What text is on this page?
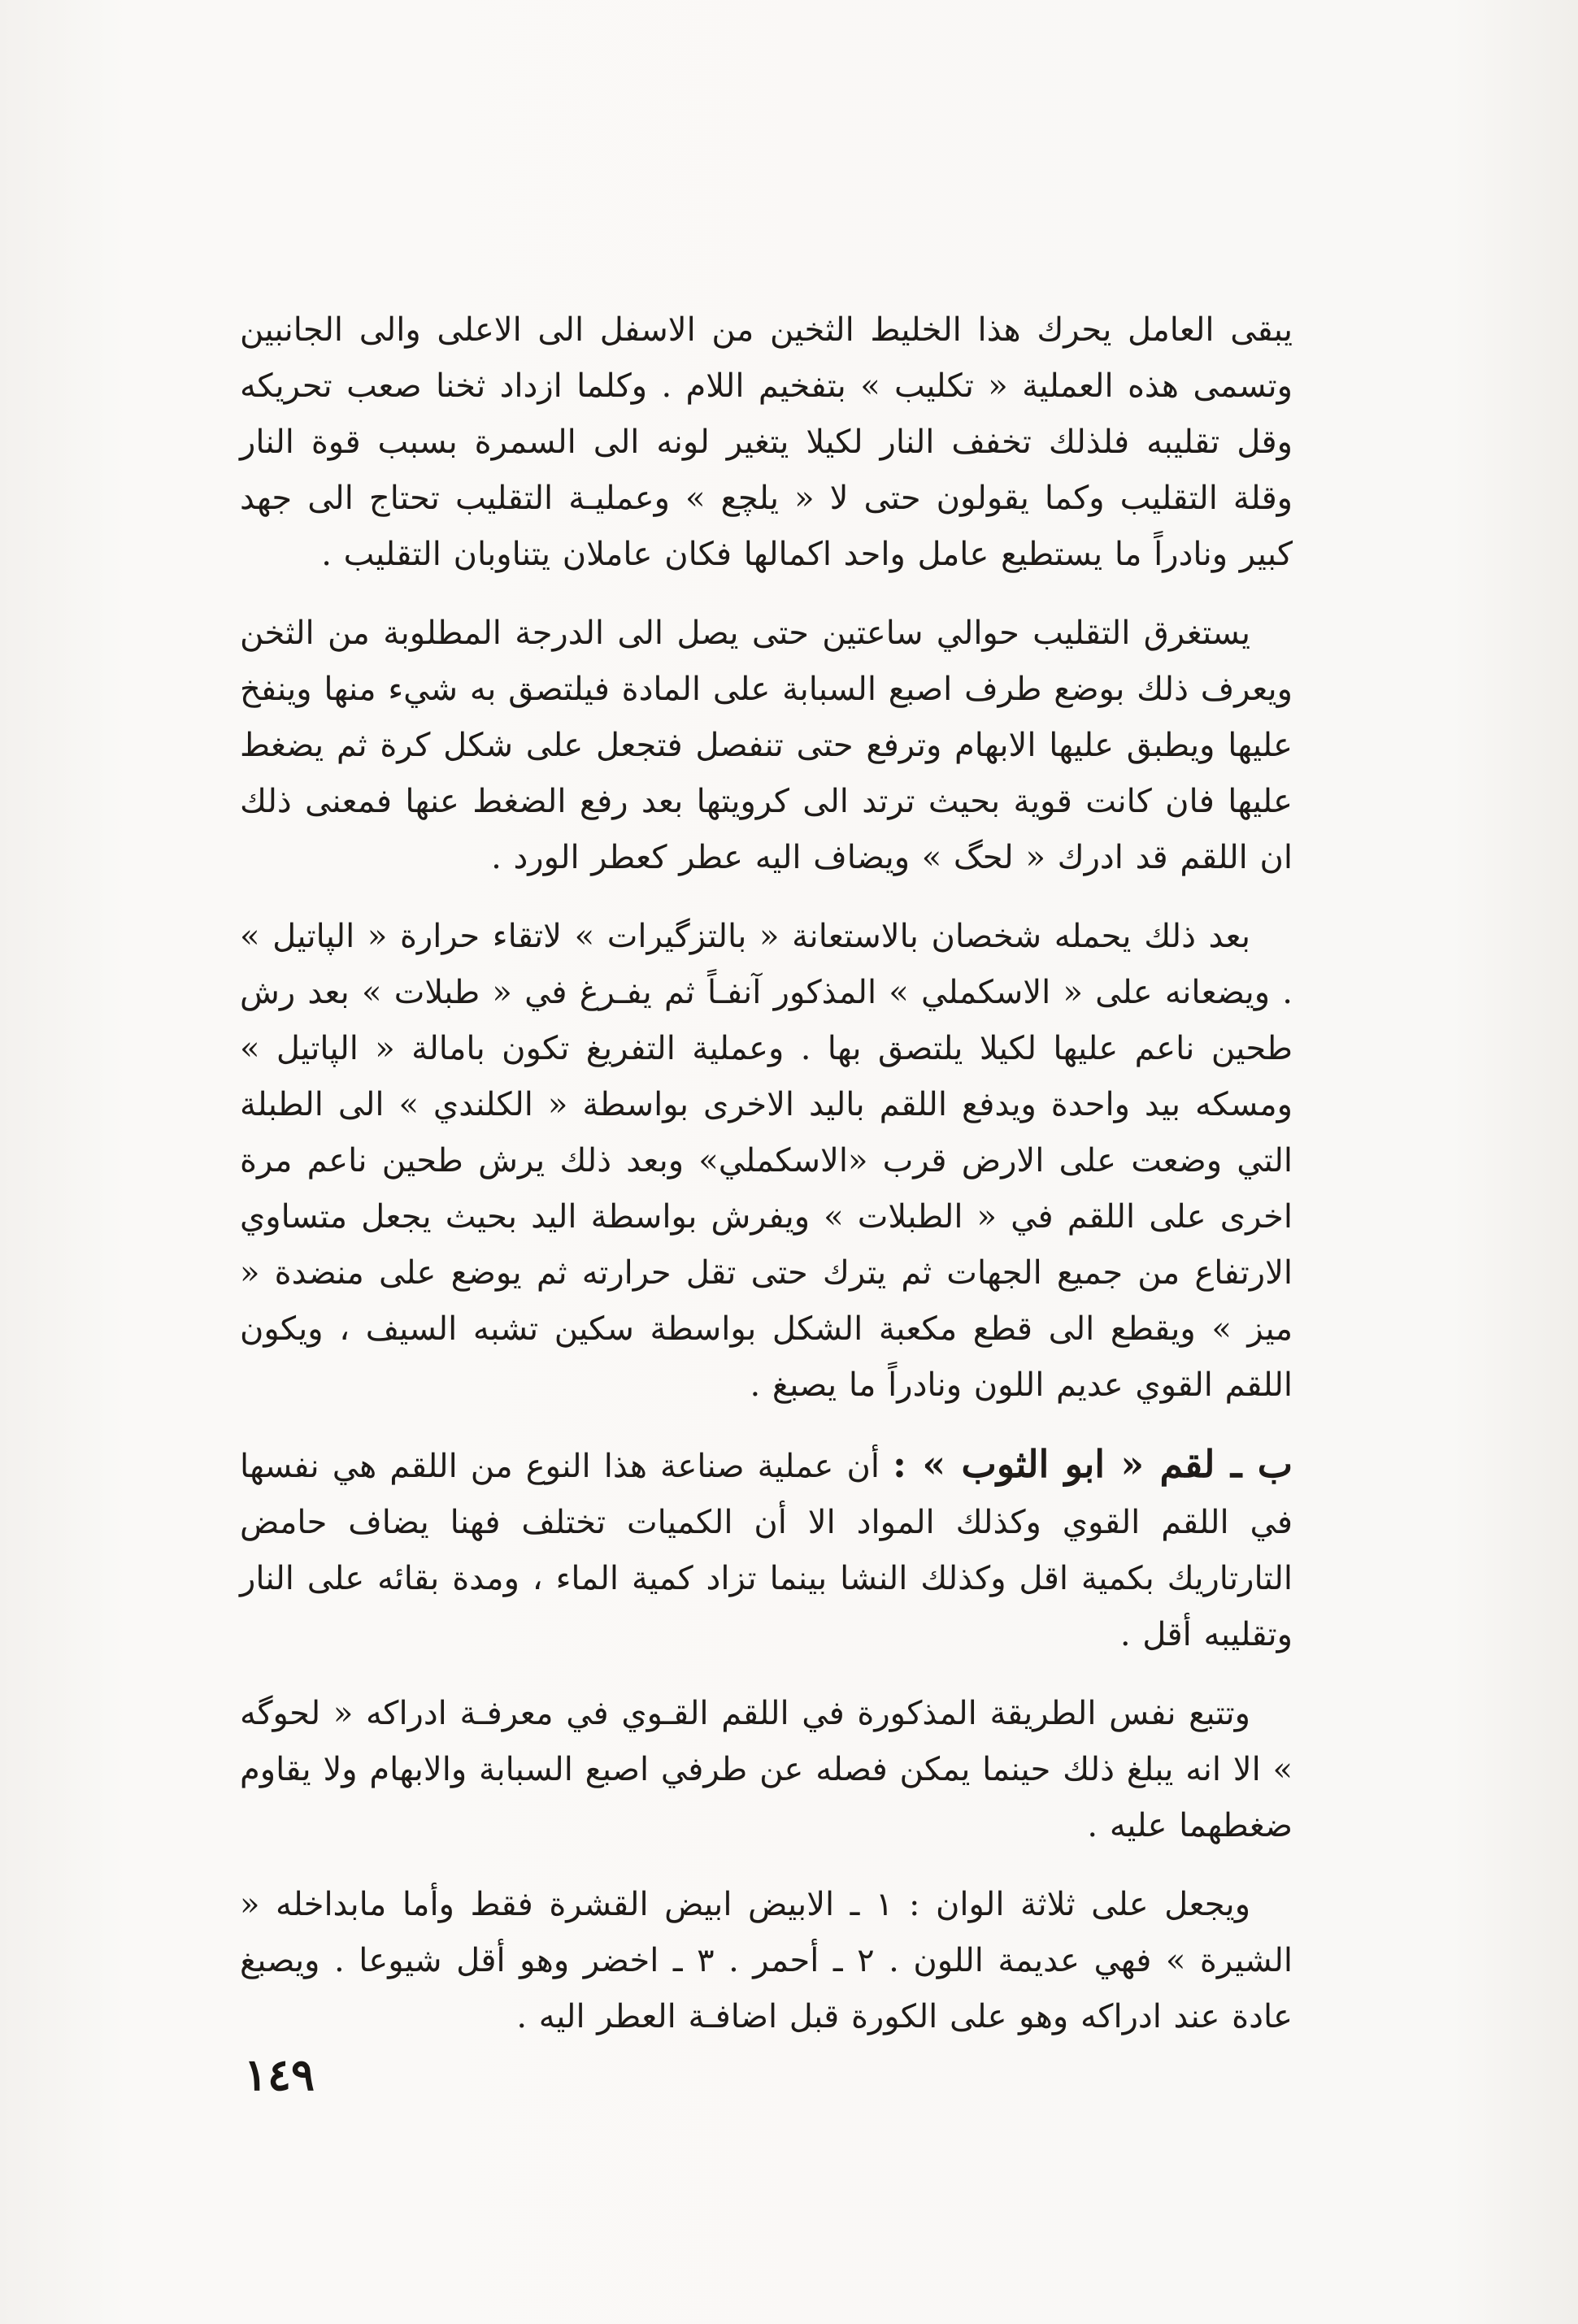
يبقى العامل يحرك هذا الخليط الثخين من الاسفل الى الاعلى والى الجانبين وتسمى هذه العملية « تكليب » بتفخيم اللام . وكلما ازداد ثخنا صعب تحريكه وقل تقليبه فلذلك تخفف النار لكيلا يتغير لونه الى السمرة بسبب قوة النار وقلة التقليب وكما يقولون حتى لا « يلچع » وعمليـة التقليب تحتاج الى جهد كبير ونادراً ما يستطيع عامل واحد اكمالها فكان عاملان يتناوبان التقليب .

يستغرق التقليب حوالي ساعتين حتى يصل الى الدرجة المطلوبة من الثخن ويعرف ذلك بوضع طرف اصبع السبابة على المادة فيلتصق به شيء منها وينفخ عليها ويطبق عليها الابهام وترفع حتى تنفصل فتجعل على شكل كرة ثم يضغط عليها فان كانت قوية بحيث ترتد الى كرويتها بعد رفع الضغط عنها فمعنى ذلك ان اللقم قد ادرك « لحگ » ويضاف اليه عطر كعطر الورد .

بعد ذلك يحمله شخصان بالاستعانة « بالتزگيرات » لاتقاء حرارة « الپاتيل » . ويضعانه على « الاسكملي » المذكور آنفـاً ثم يفـرغ في « طبلات » بعد رش طحين ناعم عليها لكيلا يلتصق بها . وعملية التفريغ تكون بامالة « الپاتيل » ومسكه بيد واحدة ويدفع اللقم باليد الاخرى بواسطة « الكلندي » الى الطبلة التي وضعت على الارض قرب «الاسكملي» وبعد ذلك يرش طحين ناعم مرة اخرى على اللقم في « الطبلات » ويفرش بواسطة اليد بحيث يجعل متساوي الارتفاع من جميع الجهات ثم يترك حتى تقل حرارته ثم يوضع على منضدة « ميز » ويقطع الى قطع مكعبة الشكل بواسطة سكين تشبه السيف ، ويكون اللقم القوي عديم اللون ونادراً ما يصبغ .

ب ـ لقم « ابو الثوب » : أن عملية صناعة هذا النوع من اللقم هي نفسها في اللقم القوي وكذلك المواد الا أن الكميات تختلف فهنا يضاف حامض التارتاريك بكمية اقل وكذلك النشا بينما تزاد كمية الماء ، ومدة بقائه على النار وتقليبه أقل .

وتتبع نفس الطريقة المذكورة في اللقم القـوي في معرفـة ادراكه « لحوگه » الا انه يبلغ ذلك حينما يمكن فصله عن طرفي اصبع السبابة والابهام ولا يقاوم ضغطهما عليه .

ويجعل على ثلاثة الوان : ١ ـ الابيض ابيض القشرة فقط وأما مابداخله « الشيرة » فهي عديمة اللون . ٢ ـ أحمر . ٣ ـ اخضر وهو أقل شيوعا . ويصبغ عادة عند ادراكه وهو على الكورة قبل اضافـة العطر اليه .

١٤٩
